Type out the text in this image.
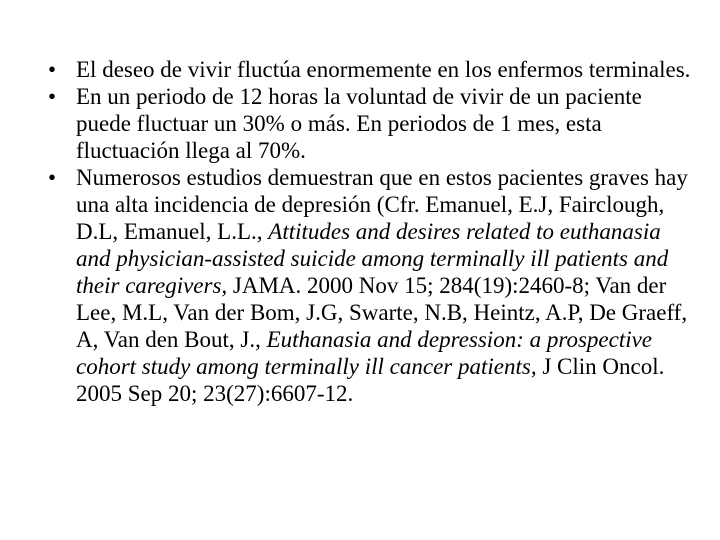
• El deseo de vivir fluctúa enormemente en los enfermos terminales.
• En un periodo de 12 horas la voluntad de vivir de un paciente puede fluctuar un 30% o más. En periodos de 1 mes, esta fluctuación llega al 70%.
• Numerosos estudios demuestran que en estos pacientes graves hay una alta incidencia de depresión (Cfr. Emanuel, E.J, Fairclough, D.L, Emanuel, L.L., Attitudes and desires related to euthanasia and physician-assisted suicide among terminally ill patients and their caregivers, JAMA. 2000 Nov 15; 284(19):2460-8; Van der Lee, M.L, Van der Bom, J.G, Swarte, N.B, Heintz, A.P, De Graeff, A, Van den Bout, J., Euthanasia and depression: a prospective cohort study among terminally ill cancer patients, J Clin Oncol. 2005 Sep 20; 23(27):6607-12.
